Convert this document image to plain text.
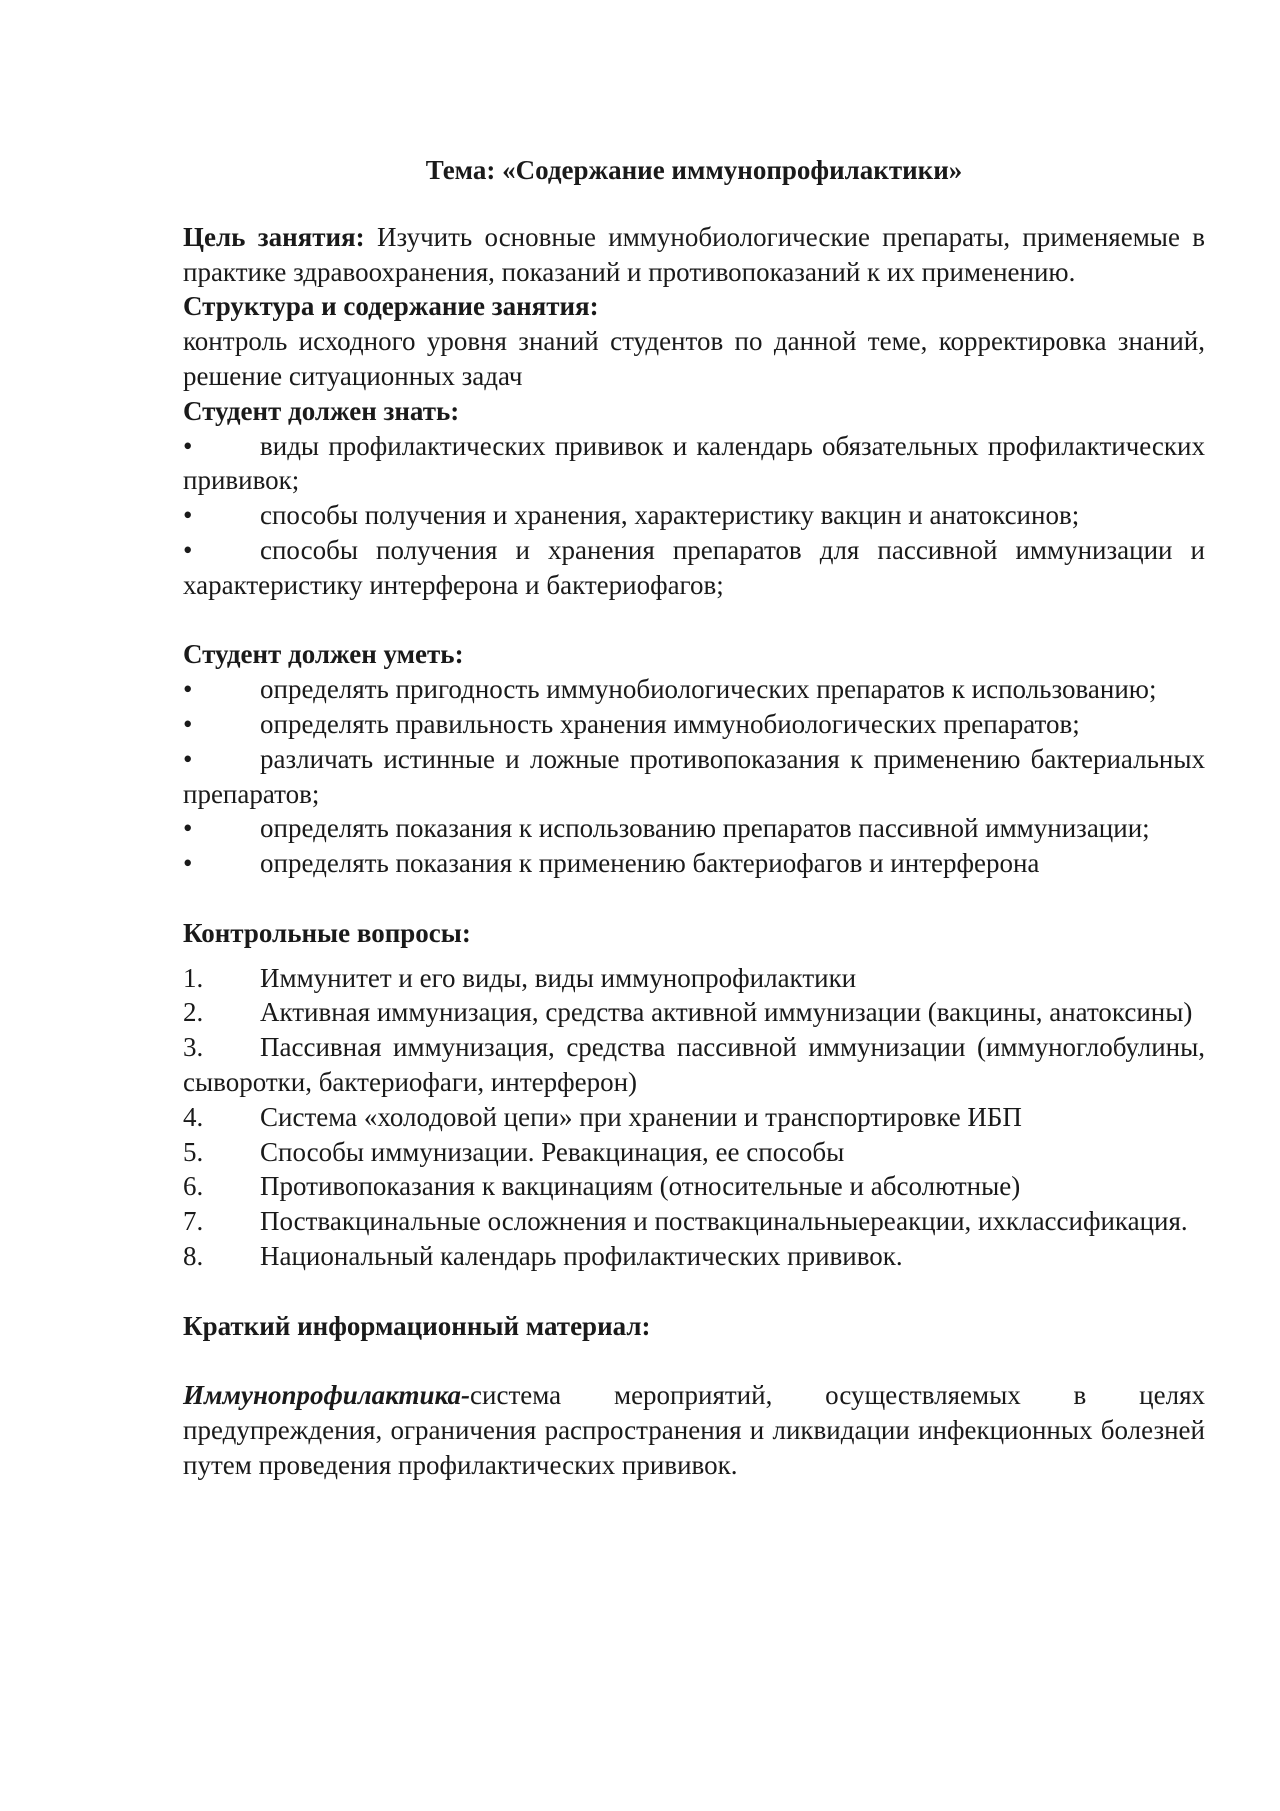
Тема: «Содержание иммунопрофилактики»

Цель занятия: Изучить основные иммунобиологические препараты, применяемые в практике здравоохранения, показаний и противопоказаний к их применению.

Структура и содержание занятия:

контроль исходного уровня знаний студентов по данной теме, корректировка знаний, решение ситуационных задач

Студент должен знать:
•	виды профилактических прививок и календарь обязательных профилактических прививок;
•	способы получения и хранения, характеристику вакцин и анатоксинов;
•	способы получения и хранения препаратов для пассивной иммунизации и характеристику интерферона и бактериофагов;
Студент должен уметь:
•	определять пригодность иммунобиологических препаратов к использованию;
•	определять правильность хранения иммунобиологических препаратов;
•	различать истинные и ложные противопоказания к применению бактериальных препаратов;
•	определять показания к использованию препаратов пассивной иммунизации;
•	определять показания к применению бактериофагов и интерферона
Контрольные вопросы:
1. Иммунитет и его виды, виды иммунопрофилактики
2. Активная иммунизация, средства активной иммунизации (вакцины, анатоксины)
3. Пассивная иммунизация, средства пассивной иммунизации (иммуноглобулины, сыворотки, бактериофаги, интерферон)
4. Система «холодовой цепи» при хранении и транспортировке ИБП
5. Способы иммунизации. Ревакцинация, ее способы
6. Противопоказания к вакцинациям (относительные и абсолютные)
7. Поствакцинальные осложнения и поствакцинальныереакции, ихклассификация.
8. Национальный календарь профилактических прививок.
Краткий информационный материал:

Иммунопрофилактика-система мероприятий, осуществляемых в целях предупреждения, ограничения распространения и ликвидации инфекционных болезней путем проведения профилактических прививок.
